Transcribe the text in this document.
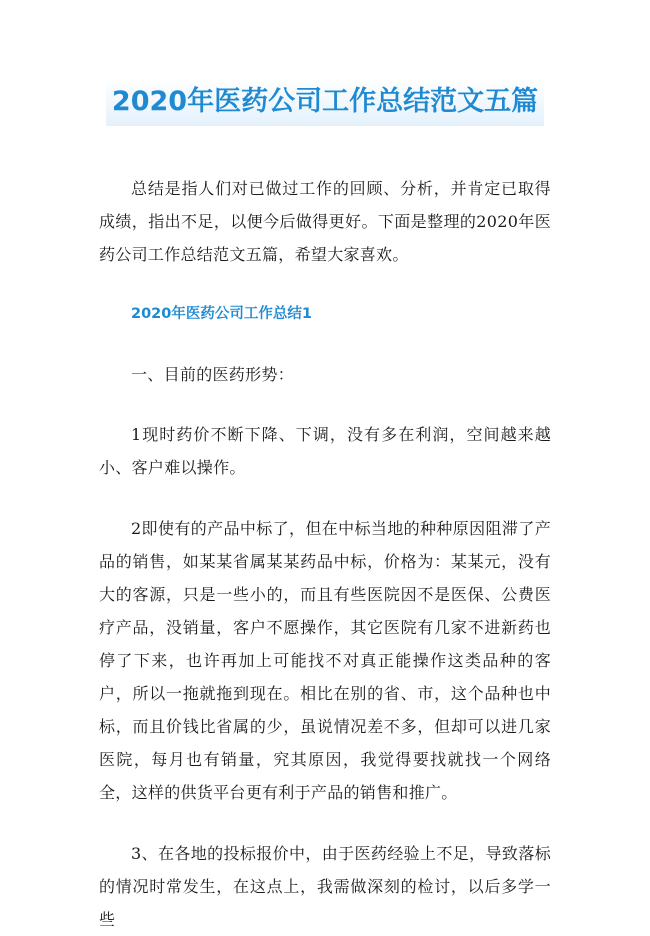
2020年医药公司工作总结范文五篇

总结是指人们对已做过工作的回顾、分析，并肯定已取得成绩，指出不足，以便今后做得更好。下面是整理的2020年医药公司工作总结范文五篇，希望大家喜欢。

2020年医药公司工作总结1

一、目前的医药形势：

1现时药价不断下降、下调，没有多在利润，空间越来越小、客户难以操作。

2即使有的产品中标了，但在中标当地的种种原因阻滞了产品的销售，如某某省属某某药品中标，价格为：某某元，没有大的客源，只是一些小的，而且有些医院因不是医保、公费医疗产品，没销量，客户不愿操作，其它医院有几家不进新药也停了下来，也许再加上可能找不对真正能操作这类品种的客户，所以一拖就拖到现在。相比在别的省、市，这个品种也中标，而且价钱比省属的少，虽说情况差不多，但却可以进几家医院，每月也有销量，究其原因，我觉得要找就找一个网络全，这样的供货平台更有利于产品的销售和推广。

3、在各地的投标报价中，由于医药经验上不足，导致落标的情况时常发生，在这点上，我需做深刻的检讨，以后多学一些
